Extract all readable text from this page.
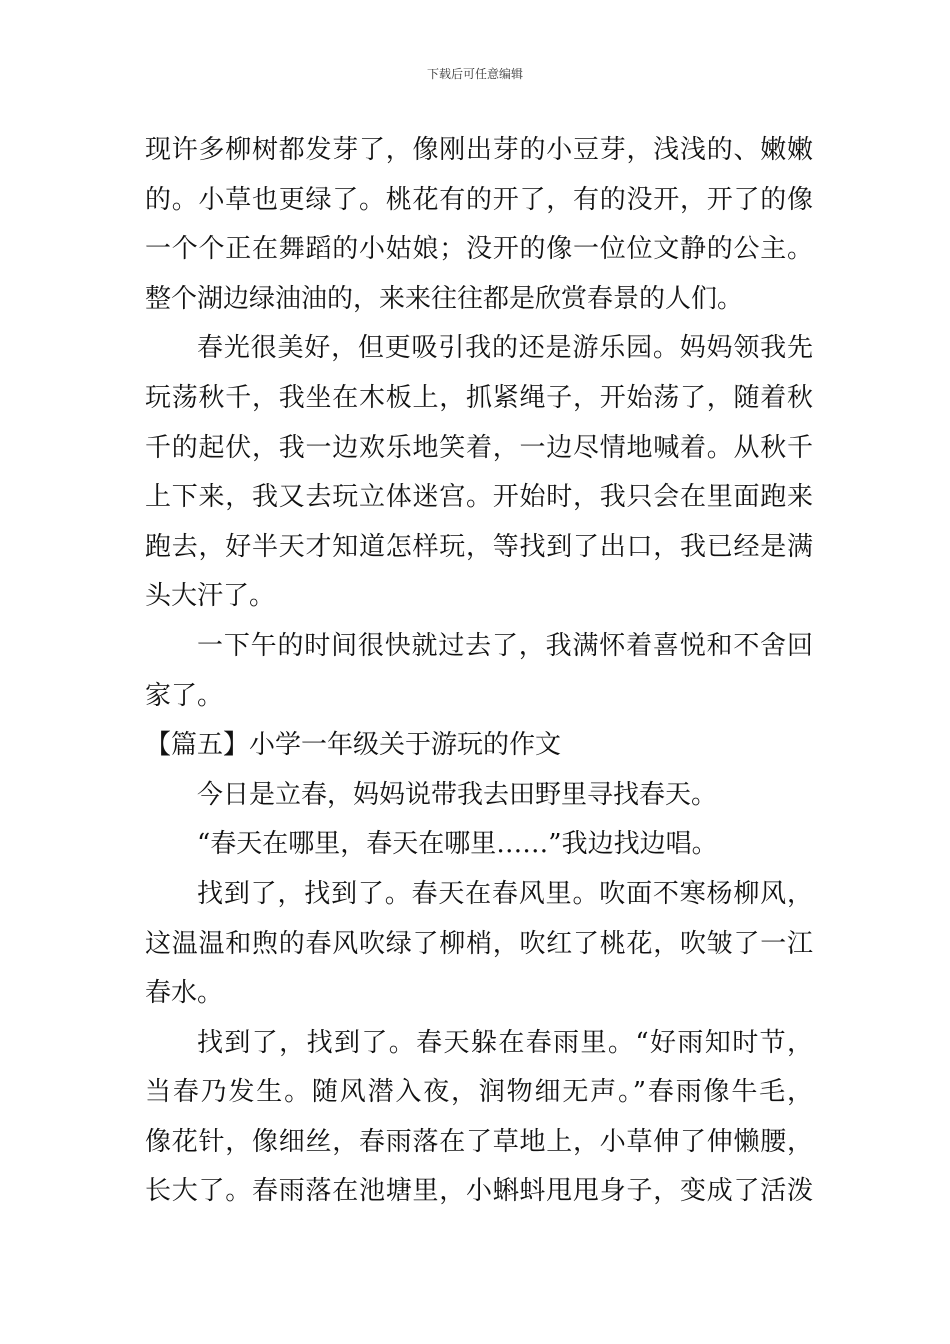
下载后可任意编辑
现许多柳树都发芽了，像刚出芽的小豆芽，浅浅的、嫩嫩
的。小草也更绿了。桃花有的开了，有的没开，开了的像
一个个正在舞蹈的小姑娘；没开的像一位位文静的公主。
整个湖边绿油油的，来来往往都是欣赏春景的人们。
春光很美好，但更吸引我的还是游乐园。妈妈领我先
玩荡秋千，我坐在木板上，抓紧绳子，开始荡了，随着秋
千的起伏，我一边欢乐地笑着，一边尽情地喊着。从秋千
上下来，我又去玩立体迷宫。开始时，我只会在里面跑来
跑去，好半天才知道怎样玩，等找到了出口，我已经是满
头大汗了。
一下午的时间很快就过去了，我满怀着喜悦和不舍回
家了。
【篇五】小学一年级关于游玩的作文
今日是立春，妈妈说带我去田野里寻找春天。
“春天在哪里，春天在哪里……”我边找边唱。
找到了，找到了。春天在春风里。吹面不寒杨柳风，
这温温和煦的春风吹绿了柳梢，吹红了桃花，吹皱了一江
春水。
找到了，找到了。春天躲在春雨里。“好雨知时节，
当春乃发生。随风潜入夜，润物细无声。”春雨像牛毛，
像花针，像细丝，春雨落在了草地上，小草伸了伸懒腰，
长大了。春雨落在池塘里，小蝌蚪甩甩身子，变成了活泼
